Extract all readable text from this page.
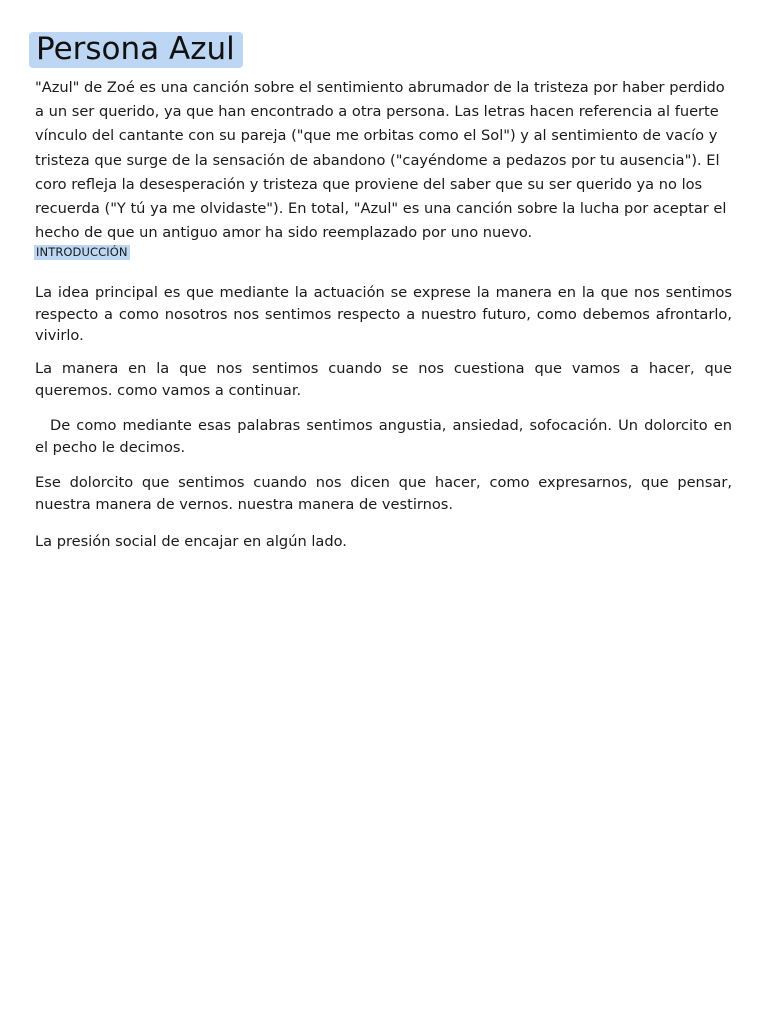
Persona Azul
"Azul" de Zoé es una canción sobre el sentimiento abrumador de la tristeza por haber perdido a un ser querido, ya que han encontrado a otra persona. Las letras hacen referencia al fuerte vínculo del cantante con su pareja ("que me orbitas como el Sol") y al sentimiento de vacío y tristeza que surge de la sensación de abandono ("cayéndome a pedazos por tu ausencia"). El coro refleja la desesperación y tristeza que proviene del saber que su ser querido ya no los recuerda ("Y tú ya me olvidaste"). En total, "Azul" es una canción sobre la lucha por aceptar el hecho de que un antiguo amor ha sido reemplazado por uno nuevo.
INTRODUCCIÓN
La idea principal es que mediante la actuación se exprese la manera en la que nos sentimos respecto a como nosotros nos sentimos respecto a nuestro futuro, como debemos afrontarlo, vivirlo.
La manera en la que nos sentimos cuando se nos cuestiona que vamos a hacer, que queremos. como vamos a continuar.
De como mediante esas palabras sentimos angustia, ansiedad, sofocación. Un dolorcito en el pecho le decimos.
Ese dolorcito que sentimos cuando nos dicen que hacer, como expresarnos, que pensar, nuestra manera de vernos. nuestra manera de vestirnos.
La presión social de encajar en algún lado.
